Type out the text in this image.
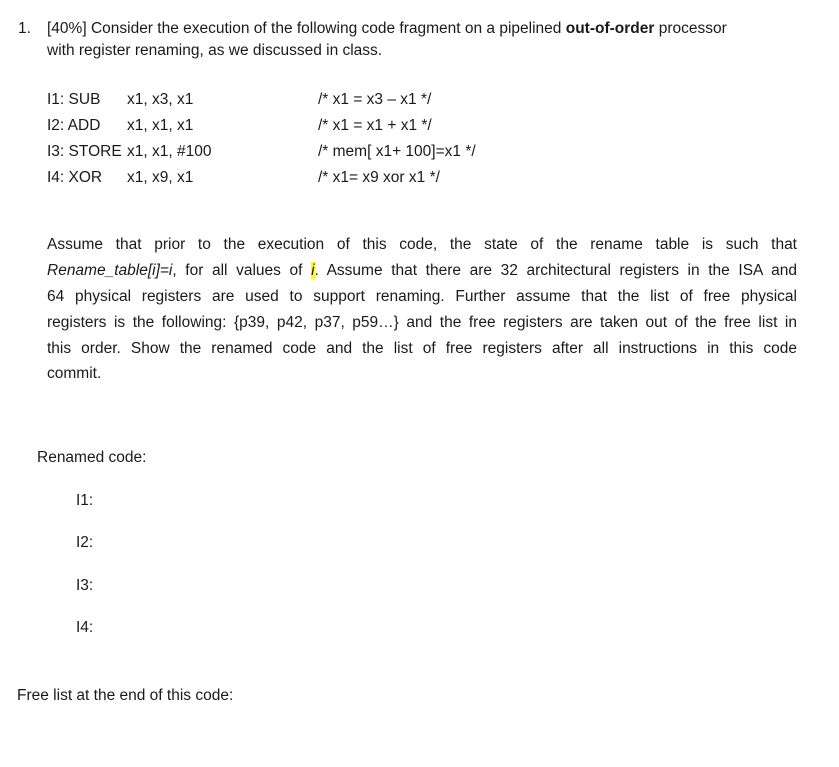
1. [40%] Consider the execution of the following code fragment on a pipelined out-of-order processor
with register renaming, as we discussed in class.
I1: SUB x1, x3, x1	/* x1 = x3 – x1 */
I2: ADD x1, x1, x1	/* x1 = x1 + x1 */
I3: STORE x1, x1, #100	/* mem[ x1+ 100]=x1 */
I4: XOR x1, x9, x1	/* x1= x9 xor x1 */
Assume that prior to the execution of this code, the state of the rename table is such that
Rename_table[i]=i, for all values of i. Assume that there are 32 architectural registers in the ISA and
64 physical registers are used to support renaming. Further assume that the list of free physical
registers is the following: {p39, p42, p37, p59…} and the free registers are taken out of the free list in
this order. Show the renamed code and the list of free registers after all instructions in this code
commit.
Renamed code:
I1:
I2:
I3:
I4:
Free list at the end of this code:
